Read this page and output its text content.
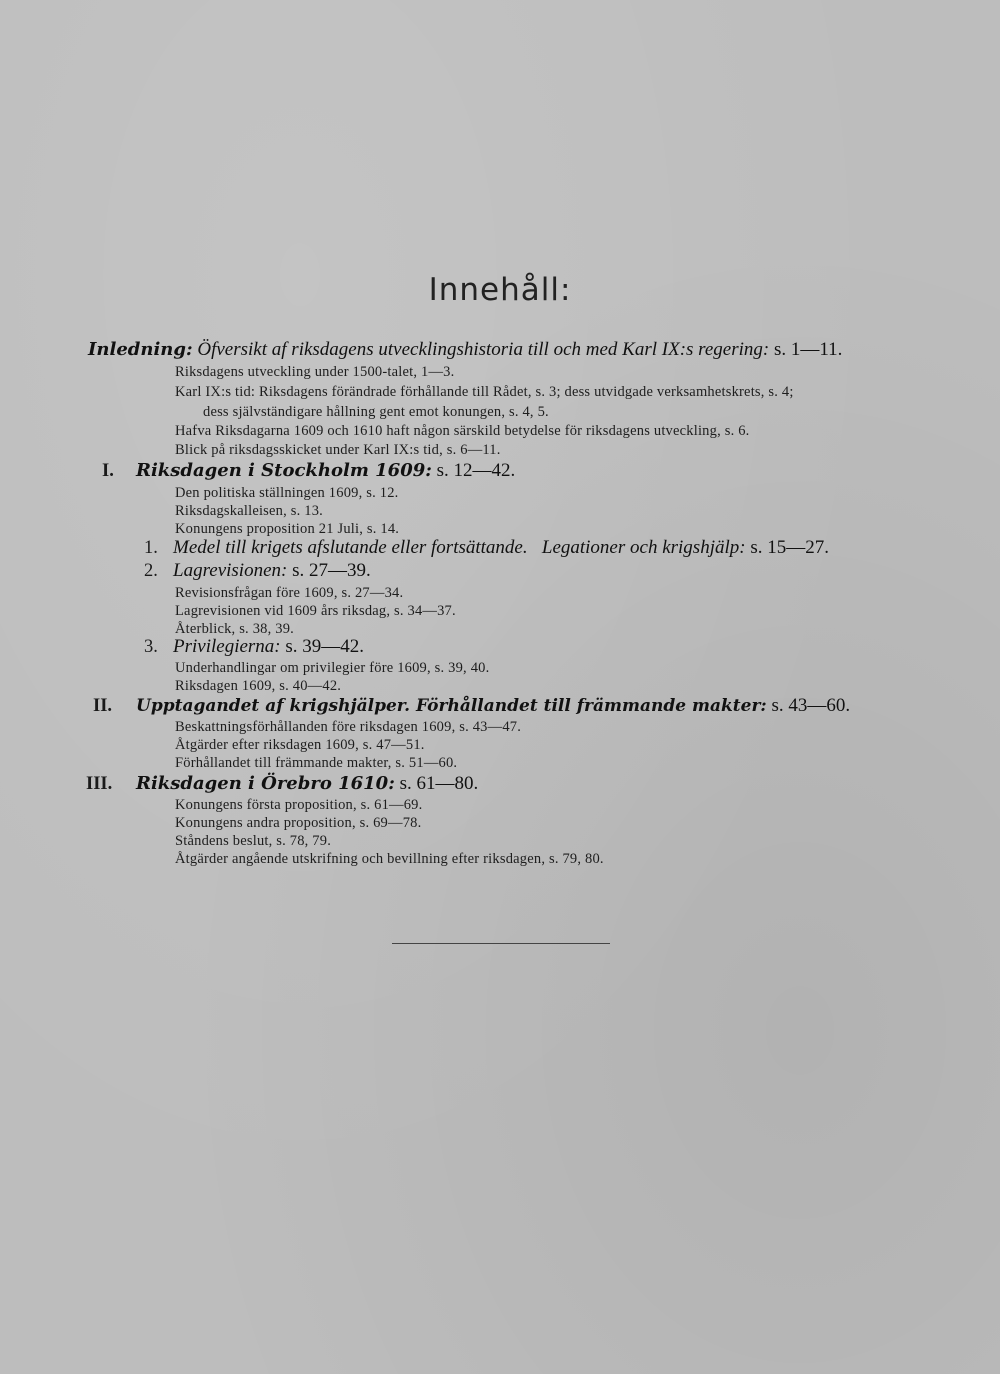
Innehåll:
Inledning: Öfversikt af riksdagens utvecklingshistoria till och med Karl IX:s regering: s. 1—11.
Riksdagens utveckling under 1500-talet, 1—3.
Karl IX:s tid: Riksdagens förändrade förhållande till Rådet, s. 3; dess utvidgade verksamhetskrets, s. 4;
dess självständigare hållning gent emot konungen, s. 4, 5.
Hafva Riksdagarna 1609 och 1610 haft någon särskild betydelse för riksdagens utveckling, s. 6.
Blick på riksdagsskicket under Karl IX:s tid, s. 6—11.
I. Riksdagen i Stockholm 1609: s. 12—42.
Den politiska ställningen 1609, s. 12.
Riksdagskalleisen, s. 13.
Konungens proposition 21 Juli, s. 14.
1. Medel till krigets afslutande eller fortsättande. Legationer och krigshjälp: s. 15—27.
2. Lagrevisionen: s. 27—39.
Revisionsfrågan före 1609, s. 27—34.
Lagrevisionen vid 1609 års riksdag, s. 34—37.
Återblick, s. 38, 39.
3. Privilegierna: s. 39—42.
Underhandlingar om privilegier före 1609, s. 39, 40.
Riksdagen 1609, s. 40—42.
II. Upptagandet af krigshjälper. Förhållandet till främmande makter: s. 43—60.
Beskattningsförhållanden före riksdagen 1609, s. 43—47.
Åtgärder efter riksdagen 1609, s. 47—51.
Förhållandet till främmande makter, s. 51—60.
III. Riksdagen i Örebro 1610: s. 61—80.
Konungens första proposition, s. 61—69.
Konungens andra proposition, s. 69—78.
Ståndens beslut, s. 78, 79.
Åtgärder angående utskrifning och bevillning efter riksdagen, s. 79, 80.
